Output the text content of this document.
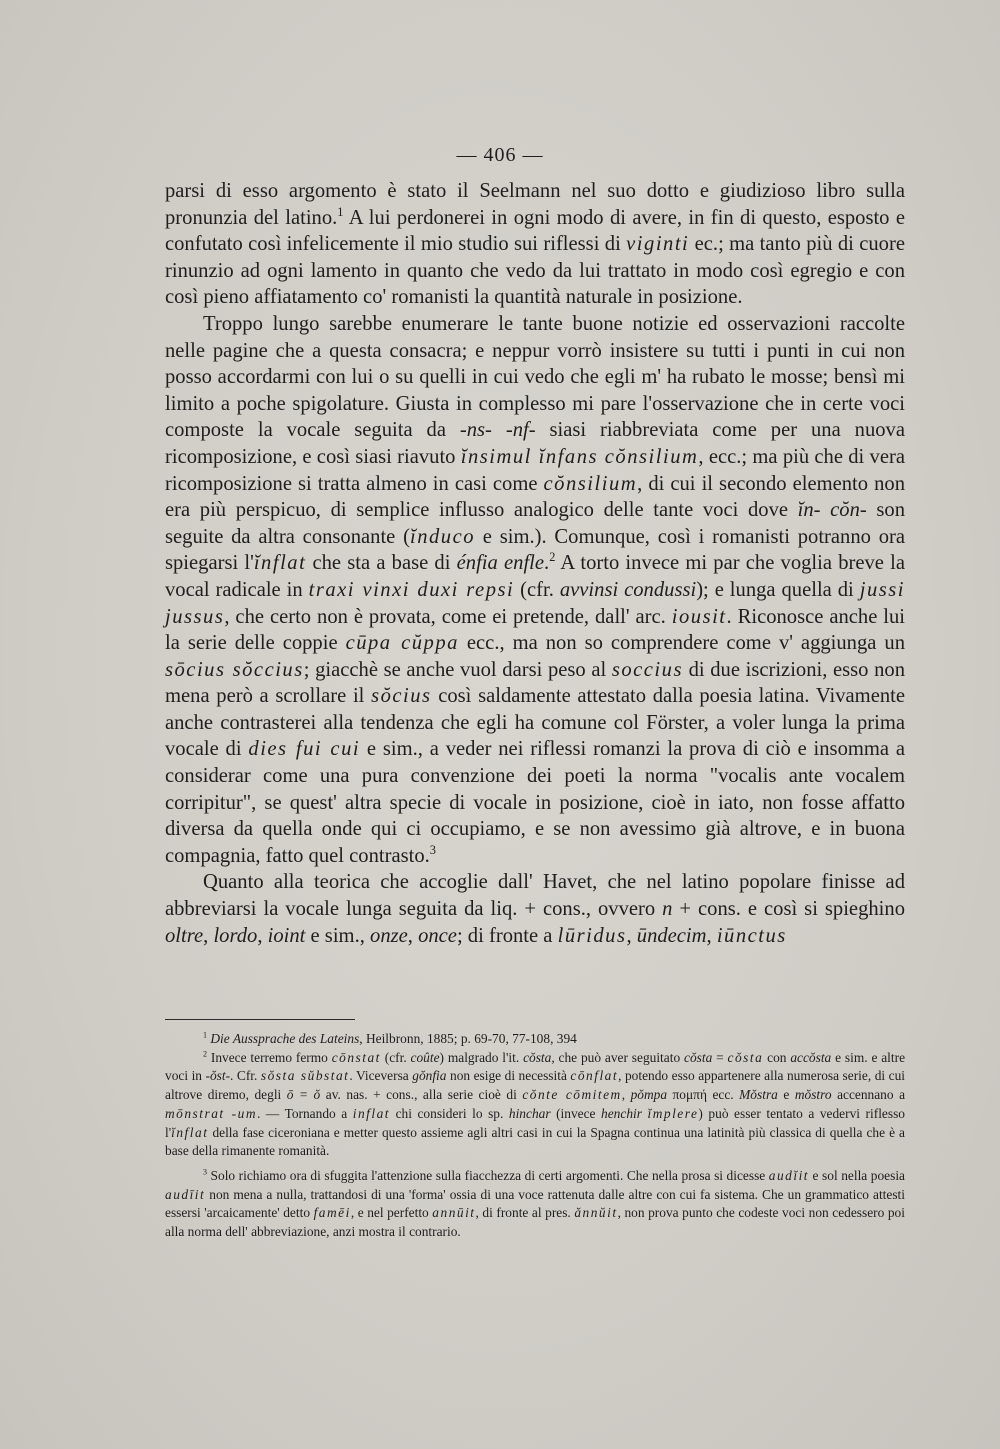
— 406 —

parsi di esso argomento è stato il Seelmann nel suo dotto e giudizioso libro sulla pronunzia del latino.$^1$ A lui perdonerei in ogni modo di avere, in fin di questo, esposto e confutato così infelicemente il mio studio sui riflessi di viginti ec.; ma tanto più di cuore rinunzio ad ogni lamento in quanto che vedo da lui trattato in modo così egregio e con così pieno affiatamento co' romanisti la quantità naturale in posizione.

Troppo lungo sarebbe enumerare le tante buone notizie ed osservazioni raccolte nelle pagine che a questa consacra; e neppur vorrò insistere su tutti i punti in cui non posso accordarmi con lui o su quelli in cui vedo che egli m' ha rubato le mosse; bensì mi limito a poche spigolature. Giusta in complesso mi pare l'osservazione che in certe voci composte la vocale seguita da -ns- -nf- siasi riabbreviata come per una nuova ricomposizione, e così siasi riavuto ĭnsimul ĭnfans cŏnsilium, ecc.; ma più che di vera ricomposizione si tratta almeno in casi come cŏnsilium, di cui il secondo elemento non era più perspicuo, di semplice influsso analogico delle tante voci dove ĭn- cŏn- son seguite da altra consonante (ĭnduco e sim.). Comunque, così i romanisti potranno ora spiegarsi l'ĭnflat che sta a base di énfia enfle.$^2$ A torto invece mi par che voglia breve la vocal radicale in traxi vinxi duxi repsi (cfr. avvinsi condussi); e lunga quella di jussi jussus, che certo non è provata, come ei pretende, dall' arc. iousit. Riconosce anche lui la serie delle coppie cūpa cŭppa ecc., ma non so comprendere come v' aggiunga un sōcius sŏccius; giacchè se anche vuol darsi peso al soccius di due iscrizioni, esso non mena però a scrollare il sŏcius così saldamente attestato dalla poesia latina. Vivamente anche contrasterei alla tendenza che egli ha comune col Förster, a voler lunga la prima vocale di dies fui cui e sim., a veder nei riflessi romanzi la prova di ciò e insomma a considerar come una pura convenzione dei poeti la norma "vocalis ante vocalem corripitur", se quest' altra specie di vocale in posizione, cioè in iato, non fosse affatto diversa da quella onde qui ci occupiamo, e se non avessimo già altrove, e in buona compagnia, fatto quel contrasto.$^3$

Quanto alla teorica che accoglie dall' Havet, che nel latino popolare finisse ad abbreviarsi la vocale lunga seguita da liq. + cons., ovvero n + cons. e così si spieghino oltre, lordo, ioint e sim., onze, once; di fronte a lūridus, ūndecim, iūnctus

$^1$ Die Aussprache des Lateins, Heilbronn, 1885; p. 69-70, 77-108, 394

$^2$ Invece terremo fermo cōnstat (cfr. coûte) malgrado l'it. cŏsta, che può aver seguitato cŏsta = cŏsta con accŏsta e sim. e altre voci in -ŏst-. Cfr. sŏsta sŭbstat. Viceversa gŏnfia non esige di necessità cōnflat, potendo esso appartenere alla numerosa serie, di cui altrove diremo, degli ō = ŏ av. nas. + cons., alla serie cioè di cŏnte cōmitem, pŏmpa πομπή ecc. Mŏstra e mŏstro accennano a mōnstrat -um. — Tornando a inflat chi consideri lo sp. hinchar (invece henchir ĭmplere) può esser tentato a vedervi riflesso l'ĭnflat della fase ciceroniana e metter questo assieme agli altri casi in cui la Spagna continua una latinità più classica di quella che è a base della rimanente romanità.

$^3$ Solo richiamo ora di sfuggita l'attenzione sulla fiacchezza di certi argomenti. Che nella prosa si dicesse audĭit e sol nella poesia audīit non mena a nulla, trattandosi di una 'forma' ossia di una voce rattenuta dalle altre con cui fa sistema. Che un grammatico attesti essersi 'arcaicamente' detto famēi, e nel perfetto annūit, di fronte al pres. ănnŭit, non prova punto che codeste voci non cedessero poi alla norma dell' abbreviazione, anzi mostra il contrario.
